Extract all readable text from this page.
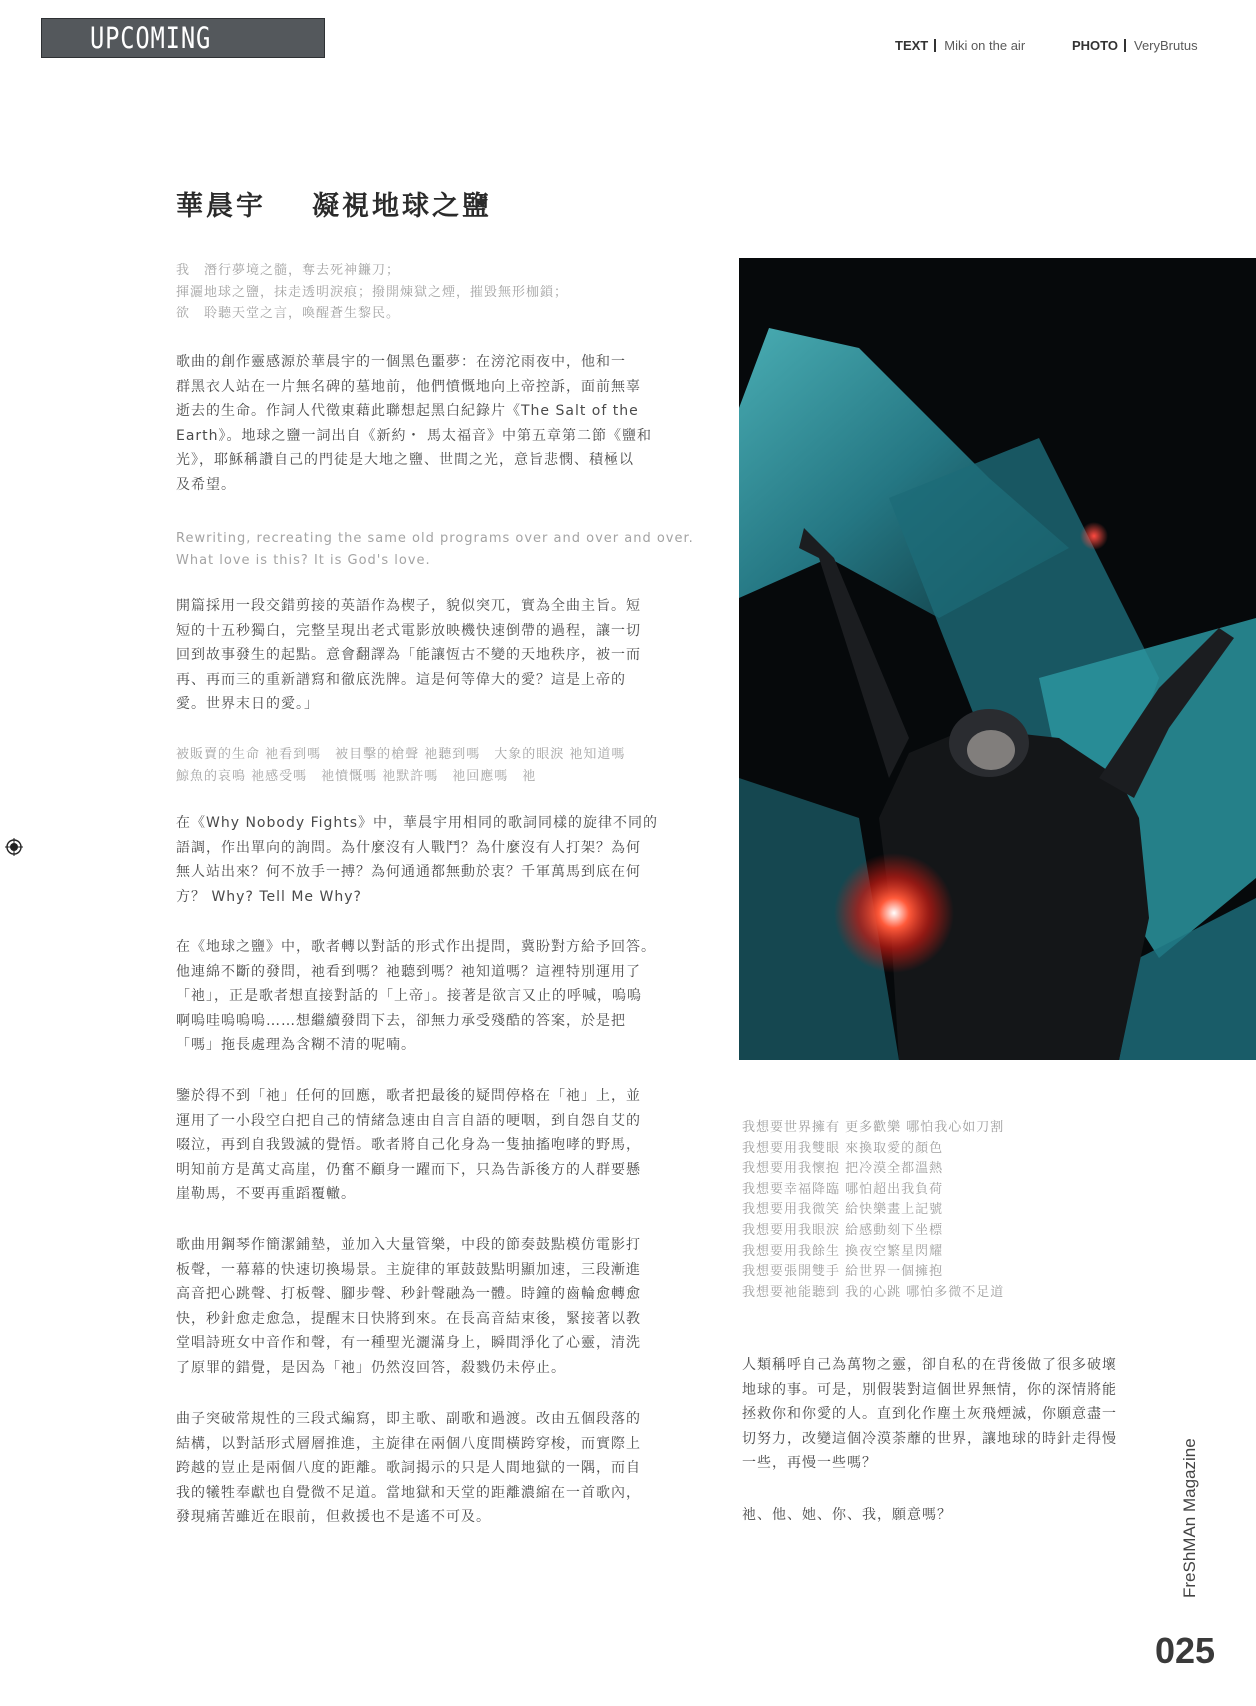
UPCOMING	TEXT Miki on the air	PHOTO VeryBrutus
華晨宇 凝視地球之鹽
我　潛行夢境之髓，奪去死神鐮刀；
揮灑地球之鹽，抹走透明淚痕；撥開煉獄之煙，摧毀無形枷鎖；
欲　聆聽天堂之言，喚醒蒼生黎民。
歌曲的創作靈感源於華晨宇的一個黑色噩夢：在滂沱雨夜中，他和一
群黑衣人站在一片無名碑的墓地前，他們憤慨地向上帝控訴，面前無辜
逝去的生命。作詞人代徵東藉此聯想起黑白紀錄片《The Salt of the
Earth》。地球之鹽一詞出自《新約・ 馬太福音》中第五章第二節《鹽和
光》，耶穌稱讚自己的門徒是大地之鹽、世間之光，意旨悲憫、積極以
及希望。
Rewriting, recreating the same old programs over and over and over.
What love is this? It is God's love.
開篇採用一段交錯剪接的英語作為楔子，貌似突兀，實為全曲主旨。短
短的十五秒獨白，完整呈現出老式電影放映機快速倒帶的過程，讓一切
回到故事發生的起點。意會翻譯為「能讓恆古不變的天地秩序，被一而
再、再而三的重新譜寫和徹底洗牌。這是何等偉大的愛？這是上帝的
愛。世界末日的愛。」
被販賣的生命 祂看到嗎　被目擊的槍聲 祂聽到嗎　大象的眼淚 祂知道嗎
鯨魚的哀鳴 祂感受嗎　祂憤慨嗎 祂默許嗎　祂回應嗎　祂
在《Why Nobody Fights》中，華晨宇用相同的歌詞同樣的旋律不同的
語調，作出單向的詢問。為什麼沒有人戰鬥？為什麼沒有人打架？為何
無人站出來？何不放手一搏？為何通通都無動於衷？千軍萬馬到底在何
方？ Why? Tell Me Why?
在《地球之鹽》中，歌者轉以對話的形式作出提問，冀盼對方給予回答。
他連綿不斷的發問，祂看到嗎？祂聽到嗎？祂知道嗎？這裡特別運用了
「祂」，正是歌者想直接對話的「上帝」。接著是欲言又止的呼喊，嗚嗚
啊嗚哇嗚嗚嗚……想繼續發問下去，卻無力承受殘酷的答案，於是把
「嗎」拖長處理為含糊不清的呢喃。
鑒於得不到「祂」任何的回應，歌者把最後的疑問停格在「祂」上，並
運用了一小段空白把自己的情緒急速由自言自語的哽咽，到自怨自艾的
啜泣，再到自我毀滅的覺悟。歌者將自己化身為一隻抽搐咆哮的野馬，
明知前方是萬丈高崖，仍奮不顧身一躍而下，只為告訴後方的人群要懸
崖勒馬，不要再重蹈覆轍。
歌曲用鋼琴作簡潔鋪墊，並加入大量管樂，中段的節奏鼓點模仿電影打
板聲，一幕幕的快速切換場景。主旋律的軍鼓鼓點明顯加速，三段漸進
高音把心跳聲、打板聲、腳步聲、秒針聲融為一體。時鐘的齒輪愈轉愈
快，秒針愈走愈急，提醒末日快將到來。在長高音結束後，緊接著以教
堂唱詩班女中音作和聲，有一種聖光灑滿身上，瞬間淨化了心靈，清洗
了原罪的錯覺，是因為「祂」仍然沒回答，殺戮仍未停止。
曲子突破常規性的三段式編寫，即主歌、副歌和過渡。改由五個段落的
結構，以對話形式層層推進，主旋律在兩個八度間橫跨穿梭，而實際上
跨越的豈止是兩個八度的距離。歌詞揭示的只是人間地獄的一隅，而自
我的犧牲奉獻也自覺微不足道。當地獄和天堂的距離濃縮在一首歌內，
發現痛苦雖近在眼前，但救援也不是遙不可及。
我想要世界擁有 更多歡樂 哪怕我心如刀割
我想要用我雙眼 來換取愛的顏色
我想要用我懷抱 把冷漠全都溫熱
我想要幸福降臨 哪怕超出我負荷
我想要用我微笑 給快樂畫上記號
我想要用我眼淚 給感動刻下坐標
我想要用我餘生 換夜空繁星閃耀
我想要張開雙手 給世界一個擁抱
我想要祂能聽到 我的心跳 哪怕多微不足道
人類稱呼自己為萬物之靈，卻自私的在背後做了很多破壞
地球的事。可是，別假裝對這個世界無情，你的深情將能
拯救你和你愛的人。直到化作塵土灰飛煙滅，你願意盡一
切努力，改變這個冷漠荼蘼的世界，讓地球的時針走得慢
一些，再慢一些嗎？
祂、他、她、你、我，願意嗎？	FreShMAn Magazine
025
